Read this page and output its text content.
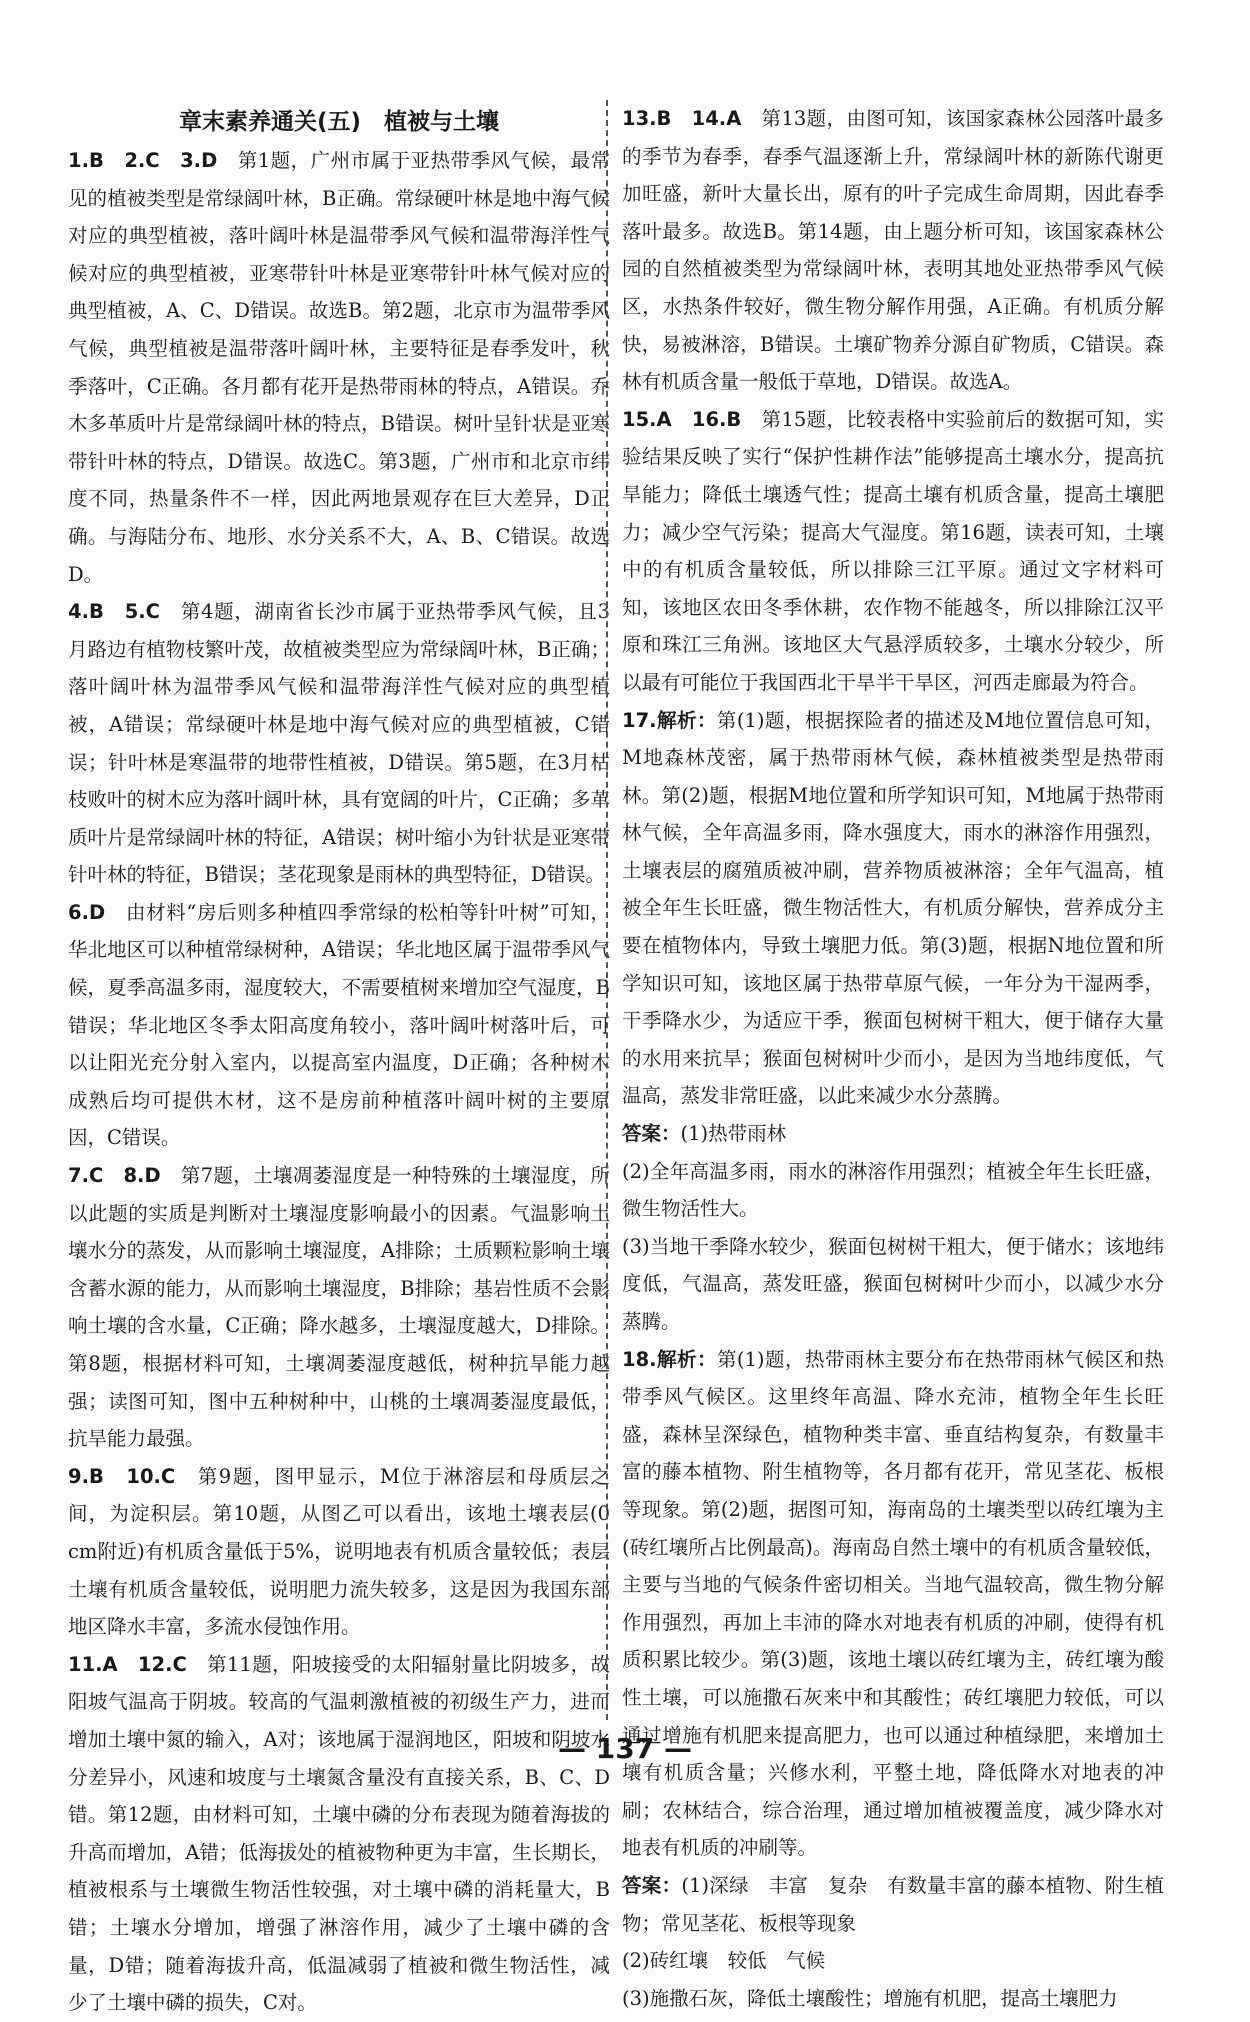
章末素养通关(五)　植被与土壤

1.B　2.C　3.D　第1题，广州市属于亚热带季风气候，最常见的植被类型是常绿阔叶林，B正确。常绿硬叶林是地中海气候对应的典型植被，落叶阔叶林是温带季风气候和温带海洋性气候对应的典型植被，亚寒带针叶林是亚寒带针叶林气候对应的典型植被，A、C、D错误。故选B。第2题，北京市为温带季风气候，典型植被是温带落叶阔叶林，主要特征是春季发叶，秋季落叶，C正确。各月都有花开是热带雨林的特点，A错误。乔木多革质叶片是常绿阔叶林的特点，B错误。树叶呈针状是亚寒带针叶林的特点，D错误。故选C。第3题，广州市和北京市纬度不同，热量条件不一样，因此两地景观存在巨大差异，D正确。与海陆分布、地形、水分关系不大，A、B、C错误。故选D。

4.B　5.C　第4题，湖南省长沙市属于亚热带季风气候，且3月路边有植物枝繁叶茂，故植被类型应为常绿阔叶林，B正确；落叶阔叶林为温带季风气候和温带海洋性气候对应的典型植被，A错误；常绿硬叶林是地中海气候对应的典型植被，C错误；针叶林是寒温带的地带性植被，D错误。第5题，在3月枯枝败叶的树木应为落叶阔叶林，具有宽阔的叶片，C正确；多革质叶片是常绿阔叶林的特征，A错误；树叶缩小为针状是亚寒带针叶林的特征，B错误；茎花现象是雨林的典型特征，D错误。

6.D　由材料“房后则多种植四季常绿的松柏等针叶树”可知，华北地区可以种植常绿树种，A错误；华北地区属于温带季风气候，夏季高温多雨，湿度较大，不需要植树来增加空气湿度，B错误；华北地区冬季太阳高度角较小，落叶阔叶树落叶后，可以让阳光充分射入室内，以提高室内温度，D正确；各种树木成熟后均可提供木材，这不是房前种植落叶阔叶树的主要原因，C错误。

7.C　8.D　第7题，土壤凋萎湿度是一种特殊的土壤湿度，所以此题的实质是判断对土壤湿度影响最小的因素。气温影响土壤水分的蒸发，从而影响土壤湿度，A排除；土质颗粒影响土壤含蓄水源的能力，从而影响土壤湿度，B排除；基岩性质不会影响土壤的含水量，C正确；降水越多，土壤湿度越大，D排除。第8题，根据材料可知，土壤凋萎湿度越低，树种抗旱能力越强；读图可知，图中五种树种中，山桃的土壤凋萎湿度最低，抗旱能力最强。

9.B　10.C　第9题，图甲显示，M位于淋溶层和母质层之间，为淀积层。第10题，从图乙可以看出，该地土壤表层(0 cm附近)有机质含量低于5%，说明地表有机质含量较低；表层土壤有机质含量较低，说明肥力流失较多，这是因为我国东部地区降水丰富，多流水侵蚀作用。

11.A　12.C　第11题，阳坡接受的太阳辐射量比阴坡多，故阳坡气温高于阴坡。较高的气温刺激植被的初级生产力，进而增加土壤中氮的输入，A对；该地属于湿润地区，阳坡和阴坡水分差异小，风速和坡度与土壤氮含量没有直接关系，B、C、D错。第12题，由材料可知，土壤中磷的分布表现为随着海拔的升高而增加，A错；低海拔处的植被物种更为丰富，生长期长，植被根系与土壤微生物活性较强，对土壤中磷的消耗量大，B错；土壤水分增加，增强了淋溶作用，减少了土壤中磷的含量，D错；随着海拔升高，低温减弱了植被和微生物活性，减少了土壤中磷的损失，C对。

13.B　14.A　第13题，由图可知，该国家森林公园落叶最多的季节为春季，春季气温逐渐上升，常绿阔叶林的新陈代谢更加旺盛，新叶大量长出，原有的叶子完成生命周期，因此春季落叶最多。故选B。第14题，由上题分析可知，该国家森林公园的自然植被类型为常绿阔叶林，表明其地处亚热带季风气候区，水热条件较好，微生物分解作用强，A正确。有机质分解快，易被淋溶，B错误。土壤矿物养分源自矿物质，C错误。森林有机质含量一般低于草地，D错误。故选A。

15.A　16.B　第15题，比较表格中实验前后的数据可知，实验结果反映了实行“保护性耕作法”能够提高土壤水分，提高抗旱能力；降低土壤透气性；提高土壤有机质含量，提高土壤肥力；减少空气污染；提高大气湿度。第16题，读表可知，土壤中的有机质含量较低，所以排除三江平原。通过文字材料可知，该地区农田冬季休耕，农作物不能越冬，所以排除江汉平原和珠江三角洲。该地区大气悬浮质较多，土壤水分较少，所以最有可能位于我国西北干旱半干旱区，河西走廊最为符合。

17.解析：第(1)题，根据探险者的描述及M地位置信息可知，M地森林茂密，属于热带雨林气候，森林植被类型是热带雨林。第(2)题，根据M地位置和所学知识可知，M地属于热带雨林气候，全年高温多雨，降水强度大，雨水的淋溶作用强烈，土壤表层的腐殖质被冲刷，营养物质被淋溶；全年气温高，植被全年生长旺盛，微生物活性大，有机质分解快，营养成分主要在植物体内，导致土壤肥力低。第(3)题，根据N地位置和所学知识可知，该地区属于热带草原气候，一年分为干湿两季，干季降水少，为适应干季，猴面包树树干粗大，便于储存大量的水用来抗旱；猴面包树树叶少而小，是因为当地纬度低，气温高，蒸发非常旺盛，以此来减少水分蒸腾。

答案：(1)热带雨林

(2)全年高温多雨，雨水的淋溶作用强烈；植被全年生长旺盛，微生物活性大。

(3)当地干季降水较少，猴面包树树干粗大，便于储水；该地纬度低，气温高，蒸发旺盛，猴面包树树叶少而小，以减少水分蒸腾。

18.解析：第(1)题，热带雨林主要分布在热带雨林气候区和热带季风气候区。这里终年高温、降水充沛，植物全年生长旺盛，森林呈深绿色，植物种类丰富、垂直结构复杂，有数量丰富的藤本植物、附生植物等，各月都有花开，常见茎花、板根等现象。第(2)题，据图可知，海南岛的土壤类型以砖红壤为主(砖红壤所占比例最高)。海南岛自然土壤中的有机质含量较低，主要与当地的气候条件密切相关。当地气温较高，微生物分解作用强烈，再加上丰沛的降水对地表有机质的冲刷，使得有机质积累比较少。第(3)题，该地土壤以砖红壤为主，砖红壤为酸性土壤，可以施撒石灰来中和其酸性；砖红壤肥力较低，可以通过增施有机肥来提高肥力，也可以通过种植绿肥，来增加土壤有机质含量；兴修水利，平整土地，降低降水对地表的冲刷；农林结合，综合治理，通过增加植被覆盖度，减少降水对地表有机质的冲刷等。

答案：(1)深绿　丰富　复杂　有数量丰富的藤本植物、附生植物；常见茎花、板根等现象

(2)砖红壤　较低　气候

(3)施撒石灰，降低土壤酸性；增施有机肥，提高土壤肥力

— 137 —
